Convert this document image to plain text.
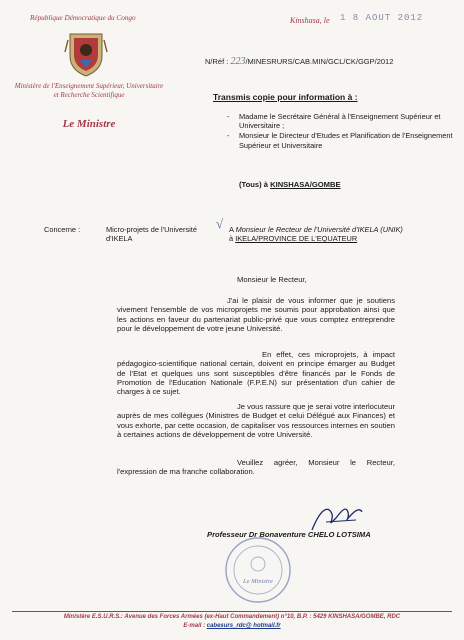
République Démocratique du Congo
Ministère de l'Enseignement Supérieur, Universitaire et Recherche Scientifique
Le Ministre
Kinshasa, le 1 8 AOUT 2012
N/Réf : 223/MINESRURS/CAB.MIN/GCL/CK/GGP/2012
Transmis copie pour information à :
- Madame le Secrétaire Général à l'Enseignement Supérieur et Universitaire ;
- Monsieur le Directeur d'Etudes et Planification de l'Enseignement Supérieur et Universitaire
(Tous) à KINSHASA/GOMBE
Concerne :	Micro-projets de l'Université d'IKELA
√ A Monsieur le Recteur de l'Université d'IKELA (UNIK)
à IKELA/PROVINCE DE L'EQUATEUR
Monsieur le Recteur,

J'ai le plaisir de vous informer que je soutiens vivement l'ensemble de vos microprojets me soumis pour approbation ainsi que les actions en faveur du partenariat public-privé que vous comptez entreprendre pour le développement de votre jeune Université.

En effet, ces microprojets, à impact pédagogico-scientifique national certain, doivent en principe émarger au Budget de l'Etat et quelques uns sont susceptibles d'être financés par le Fonds de Promotion de l'Education Nationale (F.P.E.N) sur présentation d'un cahier de charges à ce sujet.

Je vous rassure que je serai votre interlocuteur auprès de mes collègues (Ministres de Budget et celui Délégué aux Finances) et vous exhorte, par cette occasion, de capitaliser vos ressources internes en soutien à certaines actions de développement de votre Université.

Veuillez agréer, Monsieur le Recteur, l'expression de ma franche collaboration.

Professeur Dr Bonaventure CHELO LOTSIMA
Le Ministre
Ministère E.S.U.R.S.: Avenue des Forces Armées (ex-Haut Commandement) n°10, B.P. : 5429 KINSHASA/GOMBE, RDC
E-mail : cabesurs_rdc@ hotmail.fr
